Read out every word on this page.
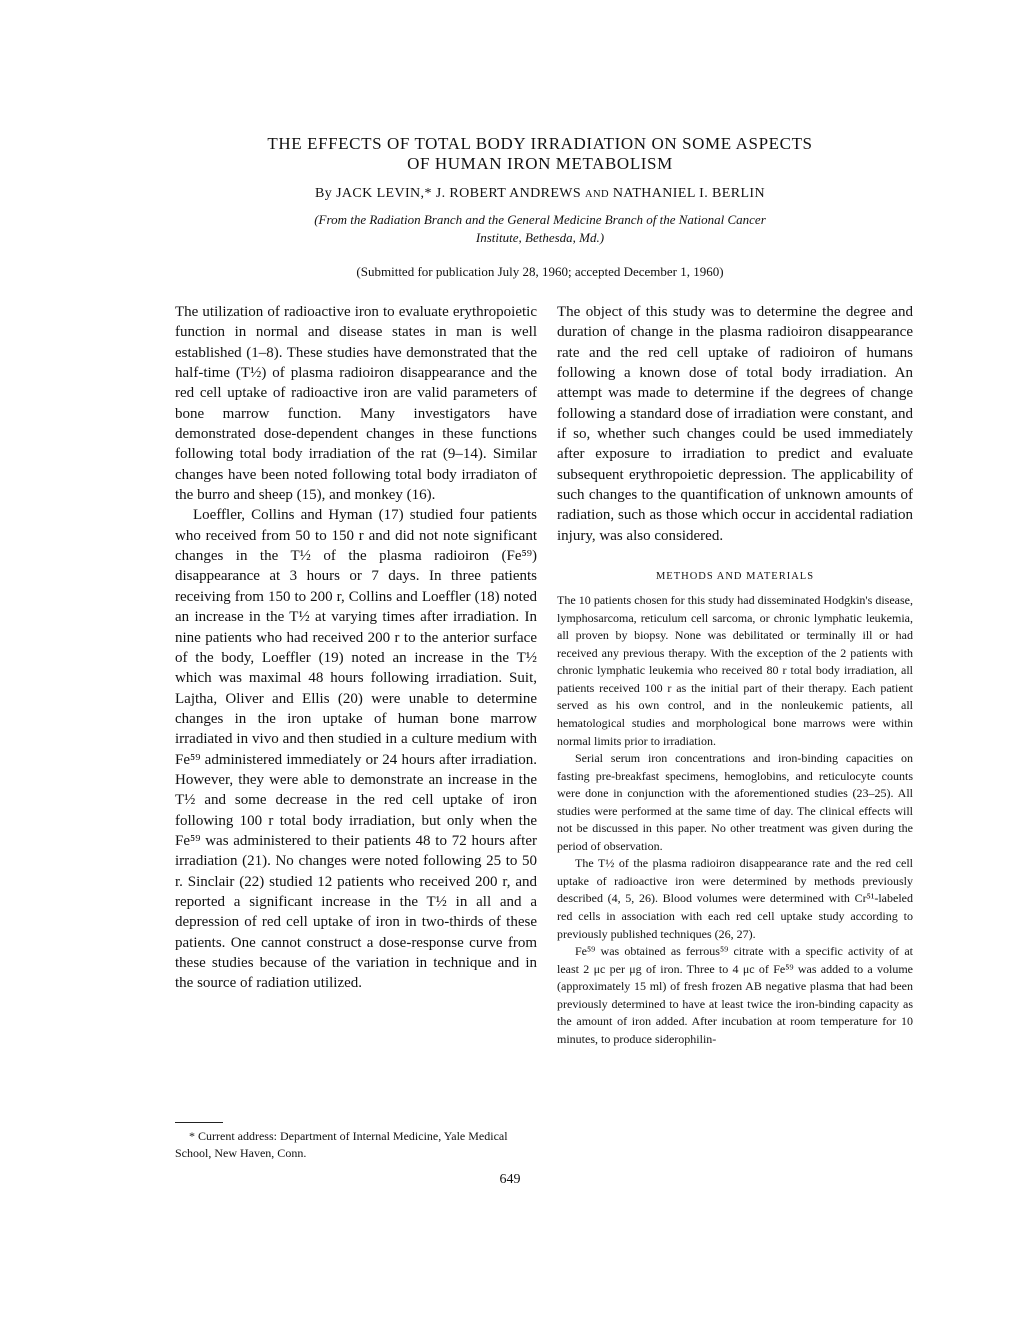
THE EFFECTS OF TOTAL BODY IRRADIATION ON SOME ASPECTS
OF HUMAN IRON METABOLISM
By JACK LEVIN,* J. ROBERT ANDREWS AND NATHANIEL I. BERLIN
(From the Radiation Branch and the General Medicine Branch of the National Cancer
Institute, Bethesda, Md.)
(Submitted for publication July 28, 1960; accepted December 1, 1960)

The utilization of radioactive iron to evaluate erythropoietic function in normal and disease states in man is well established (1–8). These studies have demonstrated that the half-time (T½) of plasma radioiron disappearance and the red cell uptake of radioactive iron are valid parameters of bone marrow function. Many investigators have demonstrated dose-dependent changes in these functions following total body irradiation of the rat (9–14). Similar changes have been noted following total body irradiaton of the burro and sheep (15), and monkey (16).

Loeffler, Collins and Hyman (17) studied four patients who received from 50 to 150 r and did not note significant changes in the T½ of the plasma radioiron (Fe⁵⁹) disappearance at 3 hours or 7 days. In three patients receiving from 150 to 200 r, Collins and Loeffler (18) noted an increase in the T½ at varying times after irradiation. In nine patients who had received 200 r to the anterior surface of the body, Loeffler (19) noted an increase in the T½ which was maximal 48 hours following irradiation. Suit, Lajtha, Oliver and Ellis (20) were unable to determine changes in the iron uptake of human bone marrow irradiated in vivo and then studied in a culture medium with Fe⁵⁹ administered immediately or 24 hours after irradiation. However, they were able to demonstrate an increase in the T½ and some decrease in the red cell uptake of iron following 100 r total body irradiation, but only when the Fe⁵⁹ was administered to their patients 48 to 72 hours after irradiation (21). No changes were noted following 25 to 50 r. Sinclair (22) studied 12 patients who received 200 r, and reported a significant increase in the T½ in all and a depression of red cell uptake of iron in two-thirds of these patients. One cannot construct a dose-response curve from these studies because of the variation in technique and in the source of radiation utilized.

* Current address: Department of Internal Medicine, Yale Medical School, New Haven, Conn.

The object of this study was to determine the degree and duration of change in the plasma radioiron disappearance rate and the red cell uptake of radioiron of humans following a known dose of total body irradiation. An attempt was made to determine if the degrees of change following a standard dose of irradiation were constant, and if so, whether such changes could be used immediately after exposure to irradiation to predict and evaluate subsequent erythropoietic depression. The applicability of such changes to the quantification of unknown amounts of radiation, such as those which occur in accidental radiation injury, was also considered.

METHODS AND MATERIALS

The 10 patients chosen for this study had disseminated Hodgkin's disease, lymphosarcoma, reticulum cell sarcoma, or chronic lymphatic leukemia, all proven by biopsy. None was debilitated or terminally ill or had received any previous therapy. With the exception of the 2 patients with chronic lymphatic leukemia who received 80 r total body irradiation, all patients received 100 r as the initial part of their therapy. Each patient served as his own control, and in the nonleukemic patients, all hematological studies and morphological bone marrows were within normal limits prior to irradiation.

Serial serum iron concentrations and iron-binding capacities on fasting pre-breakfast specimens, hemoglobins, and reticulocyte counts were done in conjunction with the aforementioned studies (23–25). All studies were performed at the same time of day. The clinical effects will not be discussed in this paper. No other treatment was given during the period of observation.

The T½ of the plasma radioiron disappearance rate and the red cell uptake of radioactive iron were determined by methods previously described (4, 5, 26). Blood volumes were determined with Cr⁵¹-labeled red cells in association with each red cell uptake study according to previously published techniques (26, 27).

Fe⁵⁹ was obtained as ferrous⁵⁹ citrate with a specific activity of at least 2 μc per μg of iron. Three to 4 μc of Fe⁵⁹ was added to a volume (approximately 15 ml) of fresh frozen AB negative plasma that had been previously determined to have at least twice the iron-binding capacity as the amount of iron added. After incubation at room temperature for 10 minutes, to produce siderophilin-

649
